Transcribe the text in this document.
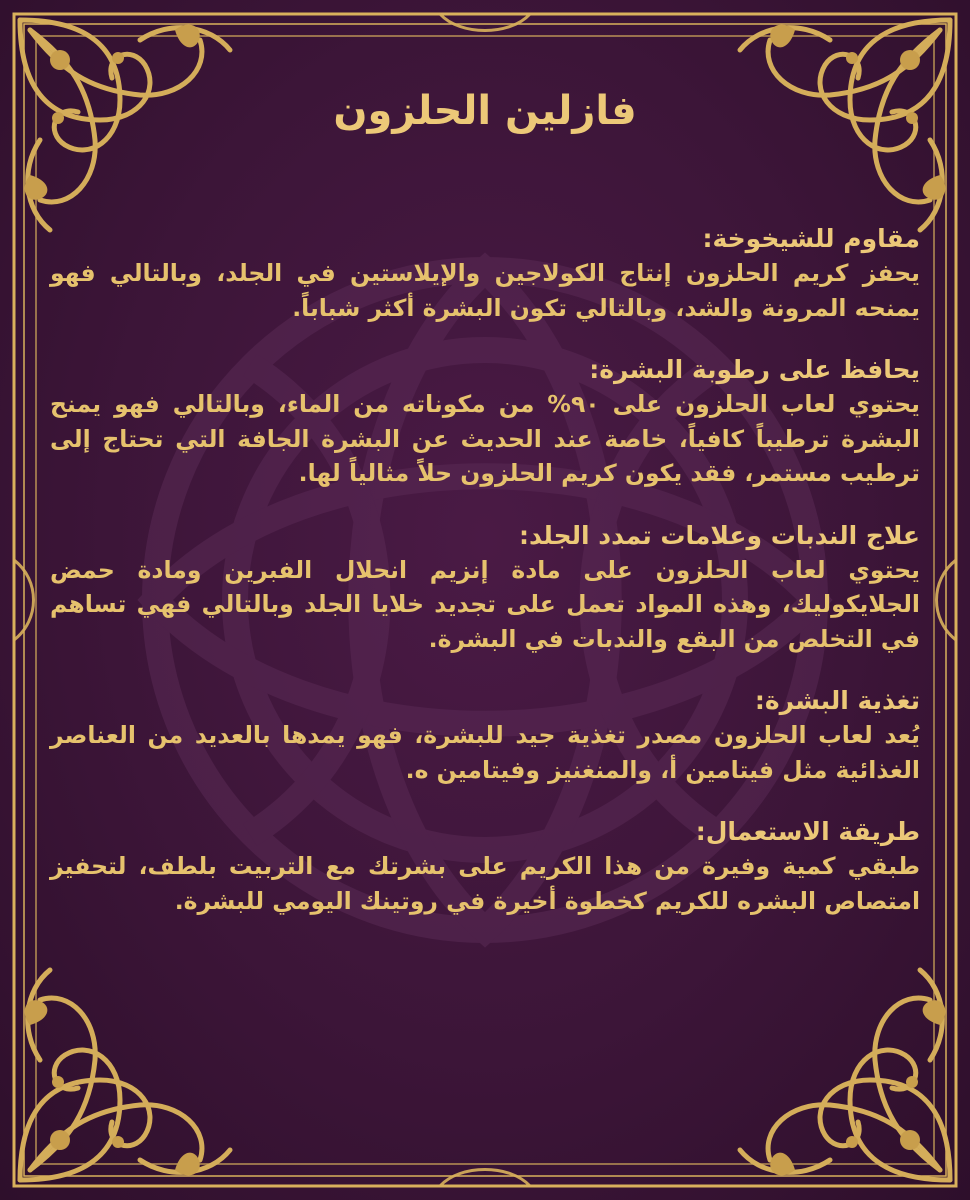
فازلين الحلزون
مقاوم للشيخوخة:
يحفز كريم الحلزون إنتاج الكولاجين والإيلاستين في الجلد، وبالتالي فهو يمنحه المرونة والشد، وبالتالي تكون البشرة أكثر شباباً.
يحافظ على رطوبة البشرة:
يحتوي لعاب الحلزون على ٩٠% من مكوناته من الماء، وبالتالي فهو يمنح البشرة ترطيباً كافياً، خاصة عند الحديث عن البشرة الجافة التي تحتاج إلى ترطيب مستمر، فقد يكون كريم الحلزون حلاً مثالياً لها.
علاج الندبات وعلامات تمدد الجلد:
يحتوي لعاب الحلزون على مادة إنزيم انحلال الفبرين ومادة حمض الجلايكوليك، وهذه المواد تعمل على تجديد خلايا الجلد وبالتالي فهي تساهم في التخلص من البقع والندبات في البشرة.
تغذية البشرة:
يُعد لعاب الحلزون مصدر تغذية جيد للبشرة، فهو يمدها بالعديد من العناصر الغذائية مثل فيتامين أ، والمنغنيز وفيتامين ه.
طريقة الاستعمال:
طبقي كمية وفيرة من هذا الكريم على بشرتك مع التربيت بلطف، لتحفيز امتصاص البشره للكريم كخطوة أخيرة في روتينك اليومي للبشرة.
